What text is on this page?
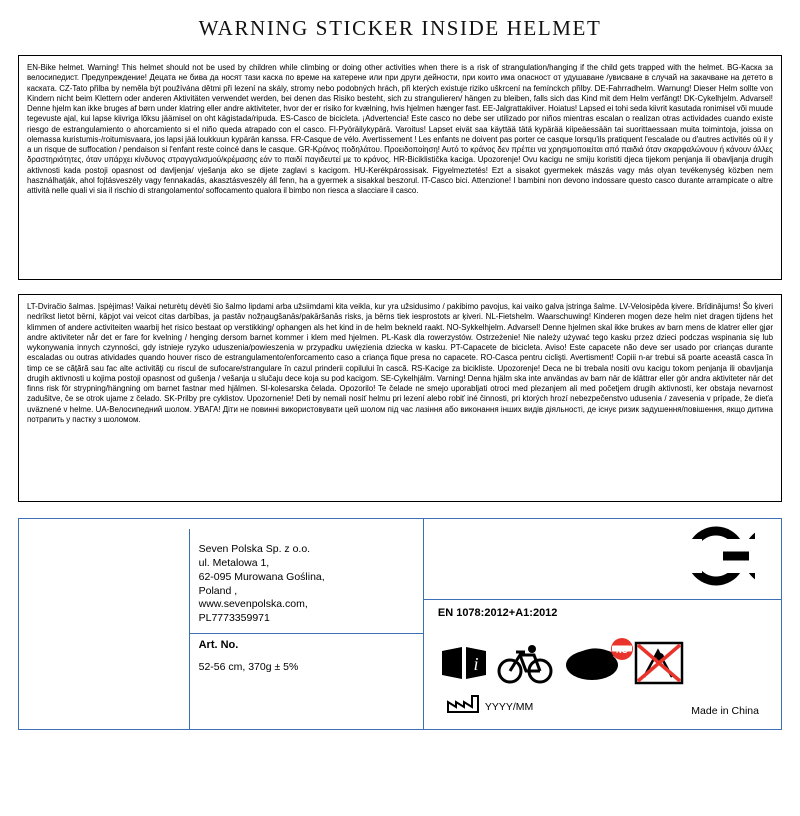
WARNING STICKER INSIDE HELMET
EN-Bike helmet. Warning! This helmet should not be used by children while climbing or doing other activities when there is a risk of strangulation/hanging if the child gets trapped with the helmet. BG-Каска за велосипедист. Предупреждение! Децата не бива да носят тази каска по време на катерене или при други дейности, при които има опасност от удушаване /увисване в случай на закачване на детето в каската. CZ-Tato přilba by neměla být používána dětmi při lezení na skály, stromy nebo podobných hrách, při kterých existuje riziko uškrcení na femínckch přilby. DE-Fahrradhelm. Warnung! Dieser Helm sollte von Kindern nicht beim Klettern oder anderen Aktivitäten verwendet werden, bei denen das Risiko besteht, sich zu strangulieren/ hängen zu bleiben, falls sich das Kind mit dem Helm verfängt! DK-Cykelhjelm. Advarsel! Denne hjelm kan ikke bruges af børn under klatring eller andre aktiviteter, hvor der er risiko for kvælning, hvis hjelmen hænger fast. EE-Jalgrattakiiver. Hoiatus! Lapsed ei tohi seda kiivrit kasutada ronimisel või muude tegevuste ajal, kui lapse kiivriga lõksu jäämisel on oht kägistada/ripuda. ES-Casco de bicicleta. ¡Advertencia! Este casco no debe ser utilizado por niños mientras escalan o realizan otras actividades cuando existe riesgo de estrangulamiento o ahorcamiento si el niño queda atrapado con el casco. FI-Pyöräilykypärä. Varoitus! Lapset eivät saa käyttää tätä kypärää kiipeäessään tai suorittaessaan muita toimintoja, joissa on olemassa kuristumis-/roitumisvaara, jos lapsi jää loukkuun kypärän kanssa. FR-Casque de vélo. Avertissement ! Les enfants ne doivent pas porter ce casque lorsqu'ils pratiquent l'escalade ou d'autres activités où il y a un risque de suffocation / pendaison si l'enfant reste coincé dans le casque. GR-Κράνος ποδηλάτου. Προειδοποίηση! Αυτό το κράνος δεν πρέπει να χρησιμοποιείται από παιδιά όταν σκαρφαλώνουν ή κάνουν άλλες δραστηριότητες, όταν υπάρχει κίνδυνος στραγγαλισμού/κρέμασης εάν το παιδί παγιδευτεί με το κράνος. HR-Biciklistička kaciga. Upozorenje! Ovu kacigu ne smiju koristiti djeca tijekom penjanja ili obavljanja drugih aktivnosti kada postoji opasnost od davljenja/ vješanja ako se dijete zaglavi s kacigom. HU-Kerékpárossisak. Figyelmeztetés! Ezt a sisakot gyermekek mászás vagy más olyan tevékenység közben nem használhatják, ahol fojtásveszély vagy fennakadás, akasztásveszély áll fenn, ha a gyermek a sisakkal beszorul. IT-Casco bici. Attenzione! I bambini non devono indossare questo casco durante arrampicate o altre attività nelle quali vi sia il rischio di strangolamento/ soffocamento qualora il bimbo non riesca a slacciare il casco.
LT-Dviračio šalmas. Įspėjimas! Vaikai neturėtų dėvėti šio šalmo lipdami arba užsiimdami kita veikla, kur yra užsidusimo / pakibimo pavojus, kai vaiko galva įstringa šalme. LV-Velosipēda ķivere. Brīdinājums! Šo ķiveri nedrīkst lietot bērni, kāpjot vai veicot citas darbības, ja pastāv nožņaugšanās/pakāršanās risks, ja bērns tiek iesprostots ar ķiveri. NL-Fietshelm. Waarschuwing! Kinderen mogen deze helm niet dragen tijdens het klimmen of andere activiteiten waarbij het risico bestaat op verstikking/ ophangen als het kind in de helm bekneld raakt. NO-Sykkelhjelm. Advarsel! Denne hjelmen skal ikke brukes av barn mens de klatrer eller gjør andre aktiviteter når det er fare for kvelning / henging dersom barnet kommer i klem med hjelmen. PL-Kask dla rowerzystów. Ostrzeżenie! Nie należy używać tego kasku przez dzieci podczas wspinania się lub wykonywania innych czynności, gdy istnieje ryzyko uduszenia/powieszenia w przypadku uwięzienia dziecka w kasku. PT-Capacete de bicicleta. Aviso! Este capacete não deve ser usado por crianças durante escaladas ou outras atividades quando houver risco de estrangulamento/enforcamento caso a criança fique presa no capacete. RO-Casca pentru ciclişti. Avertisment! Copiii n-ar trebui să poarte această casca în timp ce se cățără sau fac alte activități cu riscul de sufocare/strangulare în cazul prinderii copilului în cască. RS-Kacige za bicikliste. Upozorenje! Deca ne bi trebala nositi ovu kacigu tokom penjanja ili obavljanja drugih aktivnosti u kojima postoji opasnost od gušenja / vešanja u slučaju dece koja su pod kacigom. SE-Cykelhjälm. Varning! Denna hjälm ska inte användas av barn när de klättrar eller gör andra aktiviteter när det finns risk för strypning/hängning om barnet fastnar med hjälmen. SI-kolesarska čelada. Opozorilo! Te čelade ne smejo uporabljati otroci med plezanjem ali med početjem drugih aktivnosti, ker obstaja nevarnost zadušitve, če se otrok ujame z čelado. SK-Prilby pre cyklistov. Upozornenie! Deti by nemali nosiť helmu pri lezení alebo robiť iné činnosti, pri ktorých hrozí nebezpečenstvo udusenia / zavesenia v prípade, že dieťa uväznené v helme. UA-Велосипедний шолом. УВАГА! Діти не повинні використовувати цей шолом під час лазіння або виконання інших видів діяльності, де існує ризик задушення/повішення, якщо дитина потрапить у пастку з шоломом.
Seven Polska Sp. z o.o.
ul. Metalowa 1,
62-095 Murowana Goślina,
Poland ,
www.sevenpolska.com,
PL7773359971
Art. No.
52-56 cm, 370g ± 5%
EN 1078:2012+A1:2012
i
NO
YYYY/MM	Made in China
